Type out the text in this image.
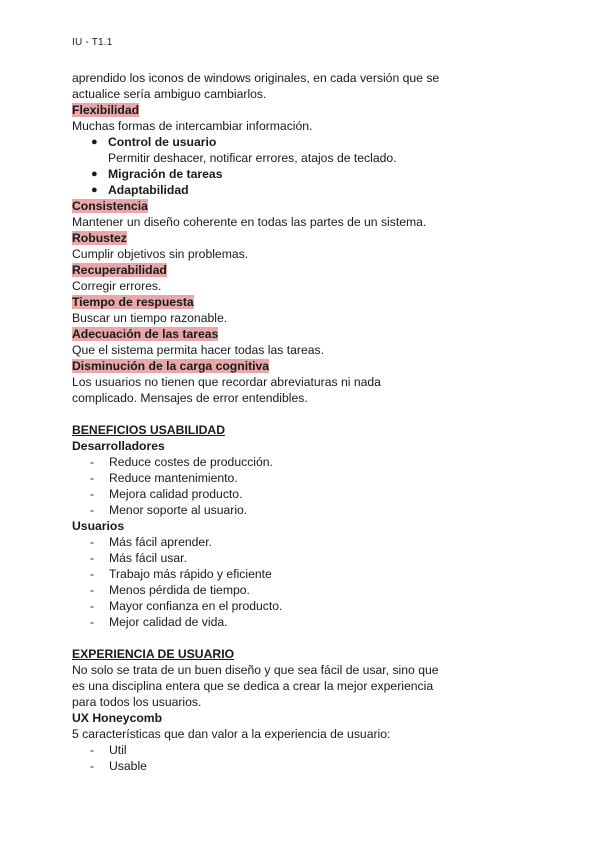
IU - T1.1
aprendido los iconos de windows originales, en cada versión que se
actualice sería ambiguo cambiarlos.
Flexibilidad
Muchas formas de intercambiar información.
● Control de usuario
Permitir deshacer, notificar errores, atajos de teclado.
● Migración de tareas
● Adaptabilidad
Consistencia
Mantener un diseño coherente en todas las partes de un sistema.
Robustez
Cumplir objetivos sin problemas.
Recuperabilidad
Corregir errores.
Tiempo de respuesta
Buscar un tiempo razonable.
Adecuación de las tareas
Que el sistema permita hacer todas las tareas.
Disminución de la carga cognitiva
Los usuarios no tienen que recordar abreviaturas ni nada
complicado. Mensajes de error entendibles.
BENEFICIOS USABILIDAD
Desarrolladores
- Reduce costes de producción.
- Reduce mantenimiento.
- Mejora calidad producto.
- Menor soporte al usuario.
Usuarios
- Más fácil aprender.
- Más fácil usar.
- Trabajo más rápido y eficiente
- Menos pérdida de tiempo.
- Mayor confianza en el producto.
- Mejor calidad de vida.
EXPERIENCIA DE USUARIO
No solo se trata de un buen diseño y que sea fácil de usar, sino que
es una disciplina entera que se dedica a crear la mejor experiencia
para todos los usuarios.
UX Honeycomb
5 características que dan valor a la experiencia de usuario:
- Util
- Usable
